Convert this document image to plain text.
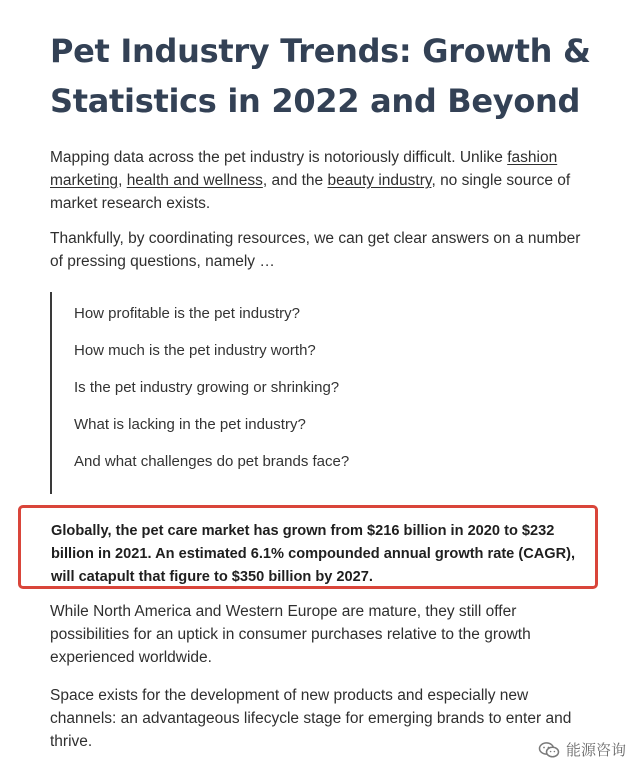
Pet Industry Trends: Growth &
Statistics in 2022 and Beyond
Mapping data across the pet industry is notoriously difficult. Unlike fashion marketing, health and wellness, and the beauty industry, no single source of market research exists.
Thankfully, by coordinating resources, we can get clear answers on a number of pressing questions, namely …
How profitable is the pet industry?
How much is the pet industry worth?
Is the pet industry growing or shrinking?
What is lacking in the pet industry?
And what challenges do pet brands face?
While North America and Western Europe are mature, they still offer possibilities for an uptick in consumer purchases relative to the growth experienced worldwide.
Space exists for the development of new products and especially new channels: an advantageous lifecycle stage for emerging brands to enter and thrive.

Globally, the pet care market has grown from $216 billion in 2020 to $232 billion in 2021. An estimated 6.1% compounded annual growth rate (CAGR), will catapult that figure to $350 billion by 2027.

能源咨询
